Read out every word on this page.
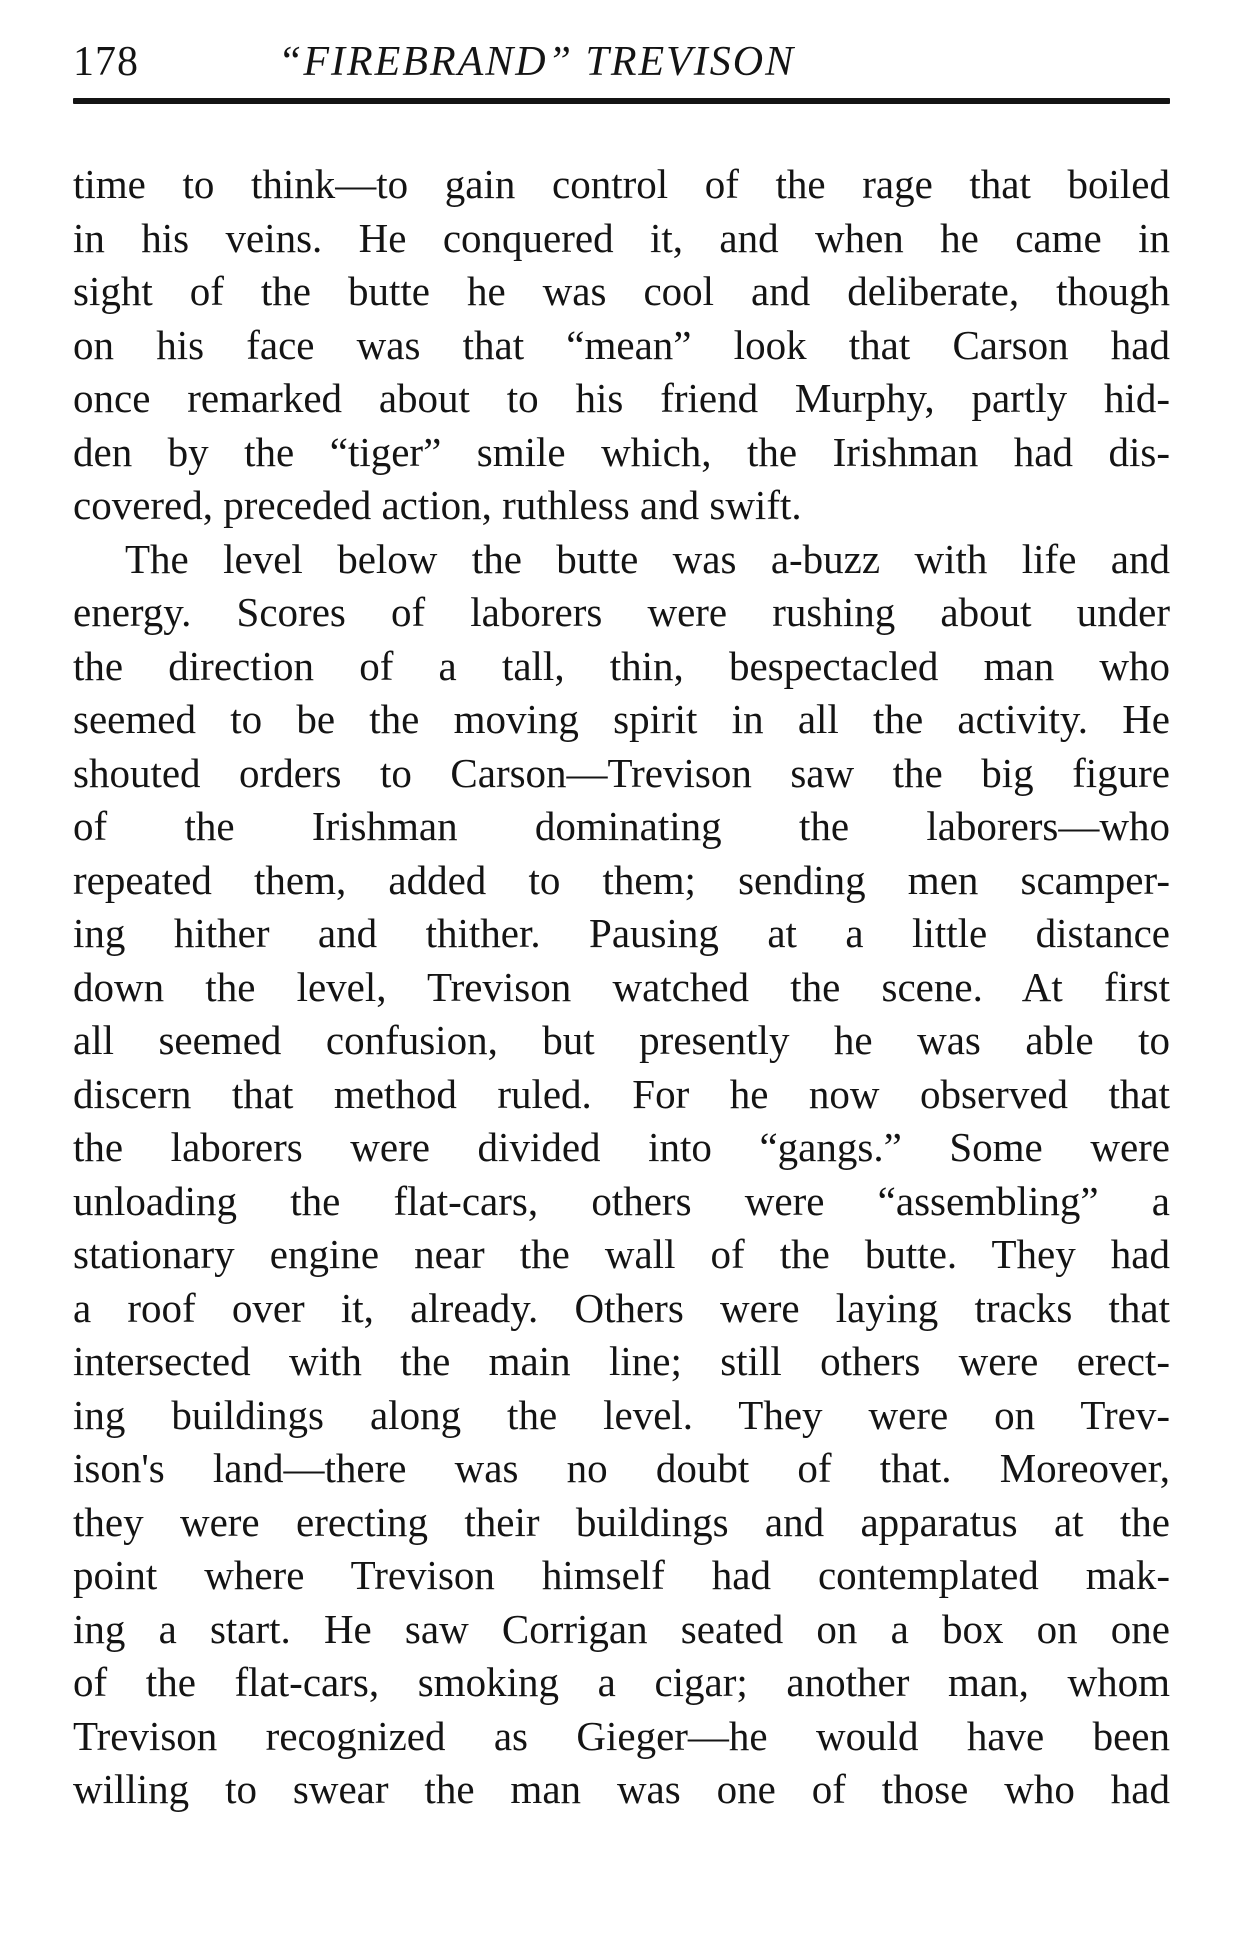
178	“FIREBRAND” TREVISON
time to think—to gain control of the rage that boiled
in his veins. He conquered it, and when he came in
sight of the butte he was cool and deliberate, though
on his face was that “mean” look that Carson had
once remarked about to his friend Murphy, partly hid-
den by the “tiger” smile which, the Irishman had dis-
covered, preceded action, ruthless and swift.
The level below the butte was a-buzz with life and
energy. Scores of laborers were rushing about under
the direction of a tall, thin, bespectacled man who
seemed to be the moving spirit in all the activity. He
shouted orders to Carson—Trevison saw the big figure
of the Irishman dominating the laborers—who
repeated them, added to them; sending men scamper-
ing hither and thither. Pausing at a little distance
down the level, Trevison watched the scene. At first
all seemed confusion, but presently he was able to
discern that method ruled. For he now observed that
the laborers were divided into “gangs.” Some were
unloading the flat-cars, others were “assembling” a
stationary engine near the wall of the butte. They had
a roof over it, already. Others were laying tracks that
intersected with the main line; still others were erect-
ing buildings along the level. They were on Trev-
ison's land—there was no doubt of that. Moreover,
they were erecting their buildings and apparatus at the
point where Trevison himself had contemplated mak-
ing a start. He saw Corrigan seated on a box on one
of the flat-cars, smoking a cigar; another man, whom
Trevison recognized as Gieger—he would have been
willing to swear the man was one of those who had
